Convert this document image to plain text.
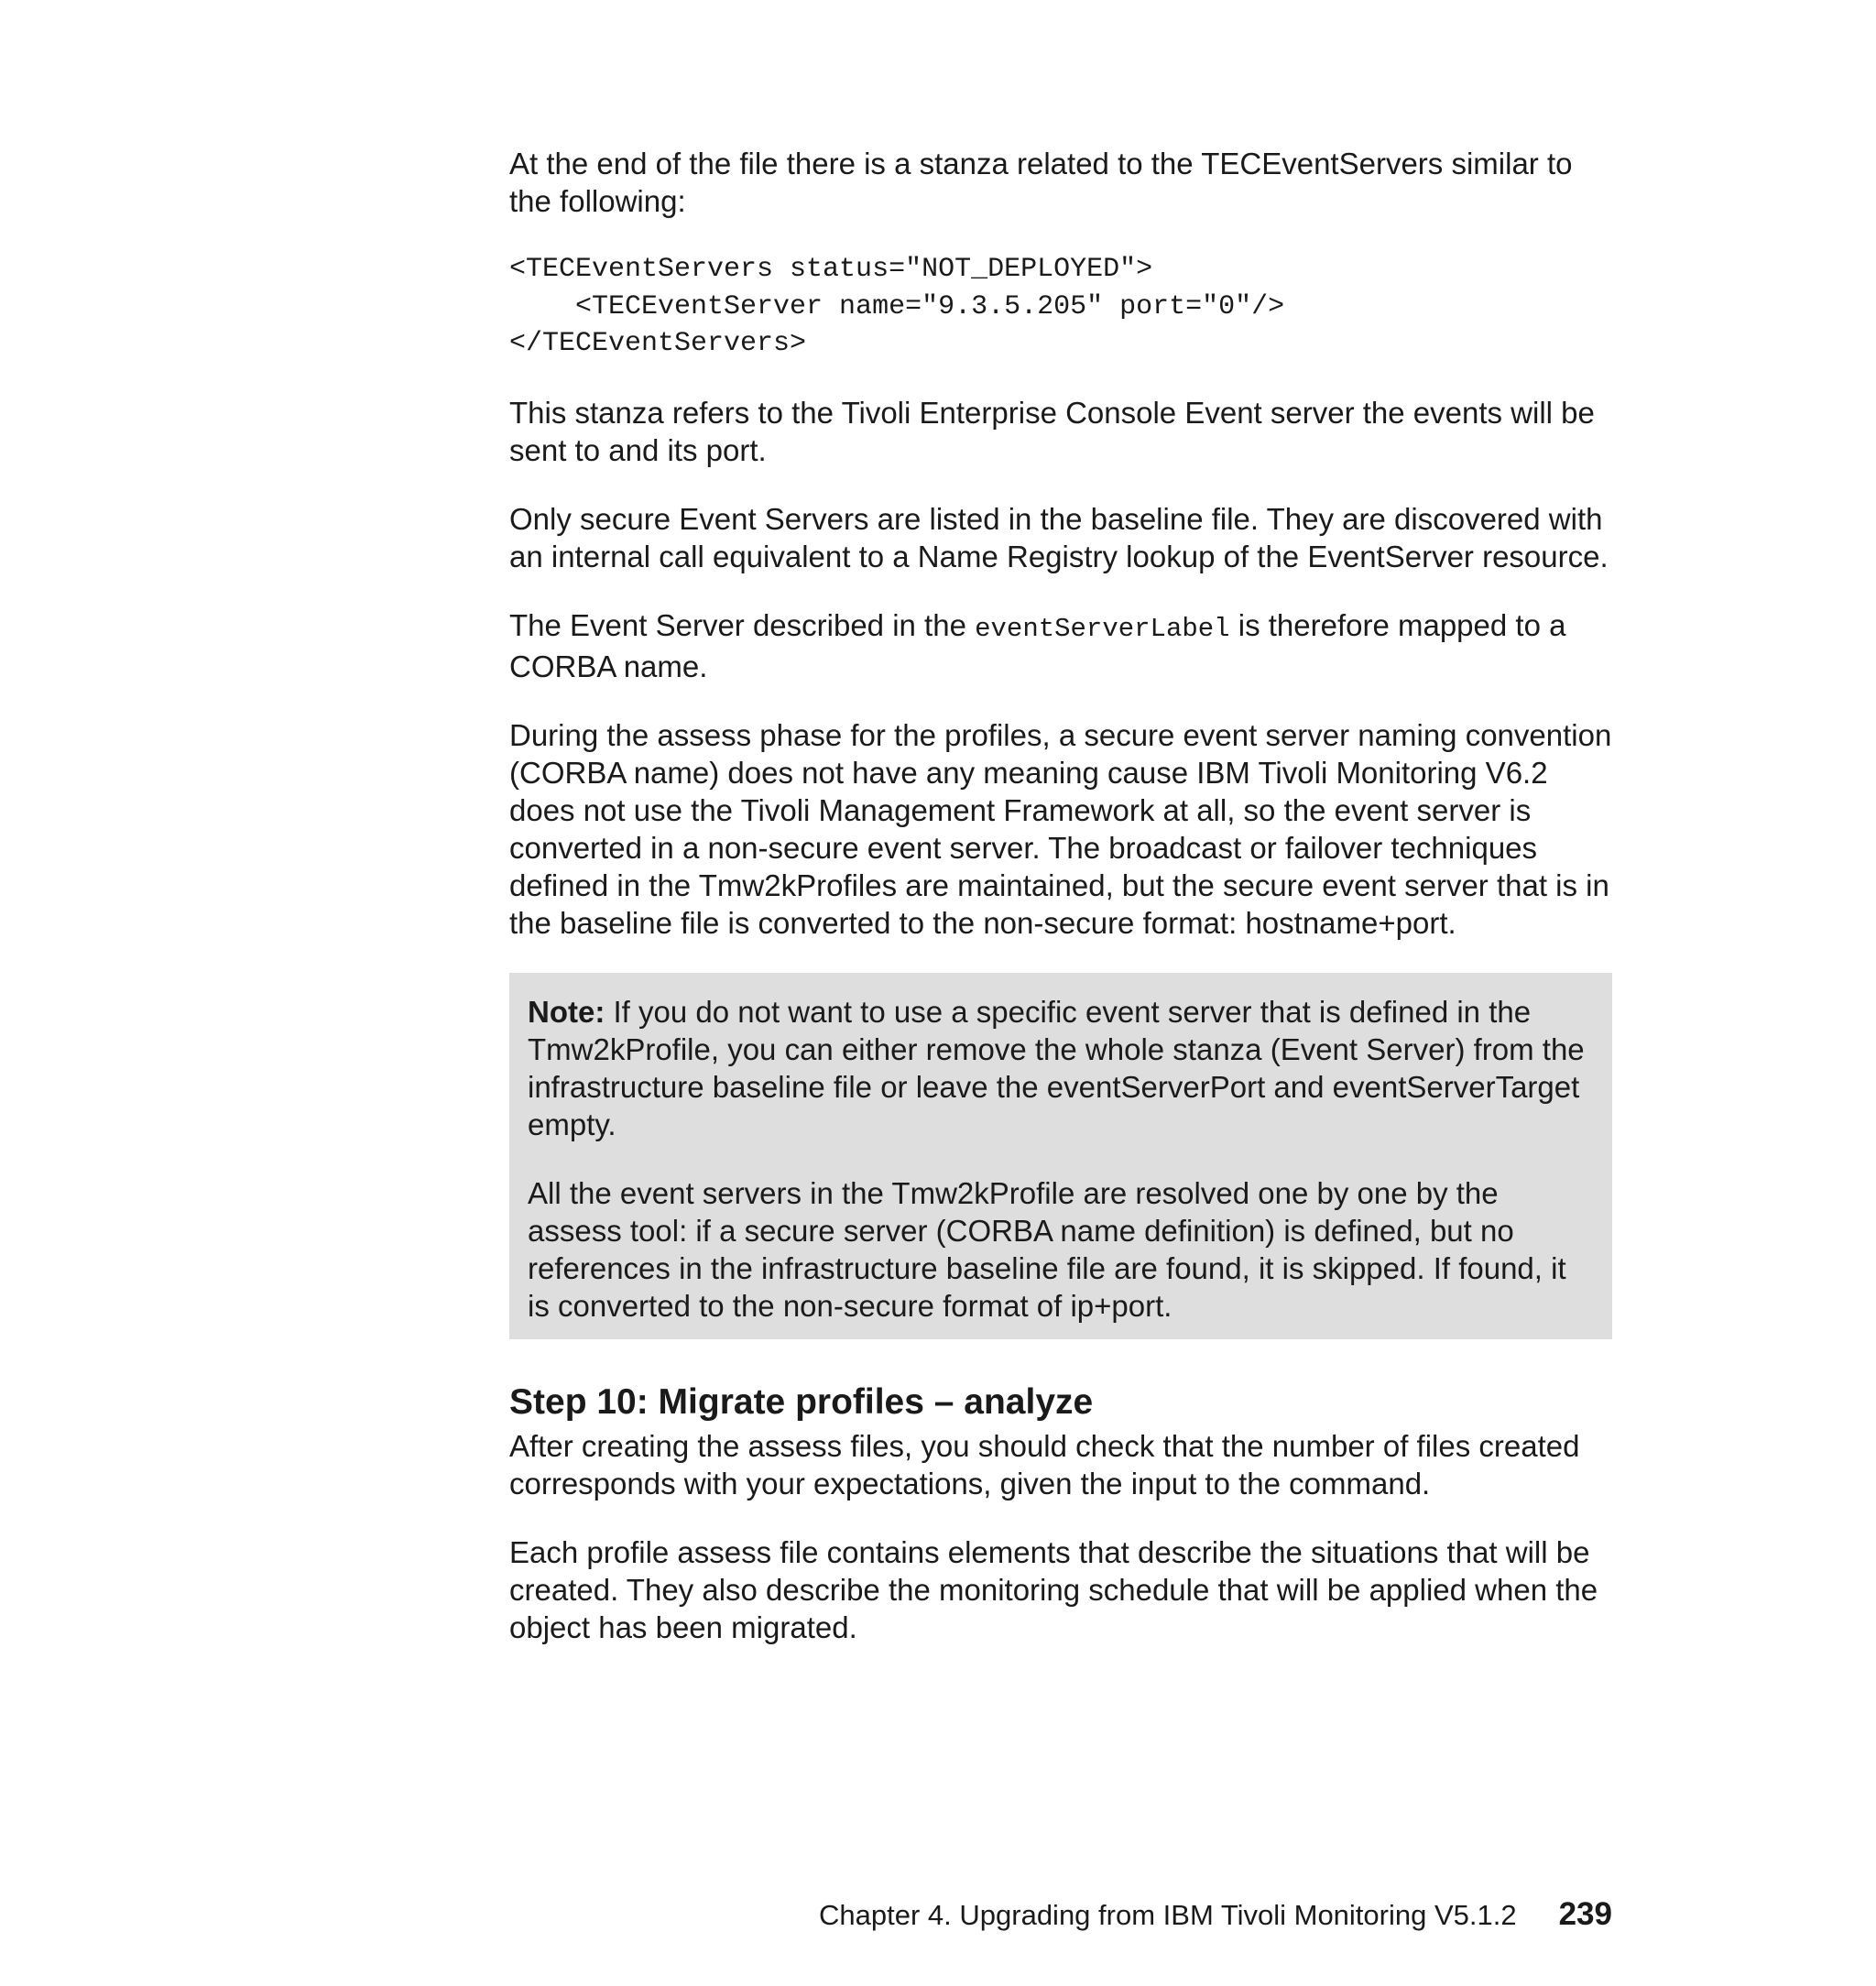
At the end of the file there is a stanza related to the TECEventServers similar to the following:

<TECEventServers status="NOT_DEPLOYED">
<TECEventServer name="9.3.5.205" port="0"/>
</TECEventServers>

This stanza refers to the Tivoli Enterprise Console Event server the events will be sent to and its port.

Only secure Event Servers are listed in the baseline file. They are discovered with an internal call equivalent to a Name Registry lookup of the EventServer resource.

The Event Server described in the eventServerLabel is therefore mapped to a CORBA name.

During the assess phase for the profiles, a secure event server naming convention (CORBA name) does not have any meaning cause IBM Tivoli Monitoring V6.2 does not use the Tivoli Management Framework at all, so the event server is converted in a non-secure event server. The broadcast or failover techniques defined in the Tmw2kProfiles are maintained, but the secure event server that is in the baseline file is converted to the non-secure format: hostname+port.

Note: If you do not want to use a specific event server that is defined in the Tmw2kProfile, you can either remove the whole stanza (Event Server) from the infrastructure baseline file or leave the eventServerPort and eventServerTarget empty.

All the event servers in the Tmw2kProfile are resolved one by one by the assess tool: if a secure server (CORBA name definition) is defined, but no references in the infrastructure baseline file are found, it is skipped. If found, it is converted to the non-secure format of ip+port.

Step 10: Migrate profiles – analyze

After creating the assess files, you should check that the number of files created corresponds with your expectations, given the input to the command.

Each profile assess file contains elements that describe the situations that will be created. They also describe the monitoring schedule that will be applied when the object has been migrated.

Chapter 4. Upgrading from IBM Tivoli Monitoring V5.1.2 239
